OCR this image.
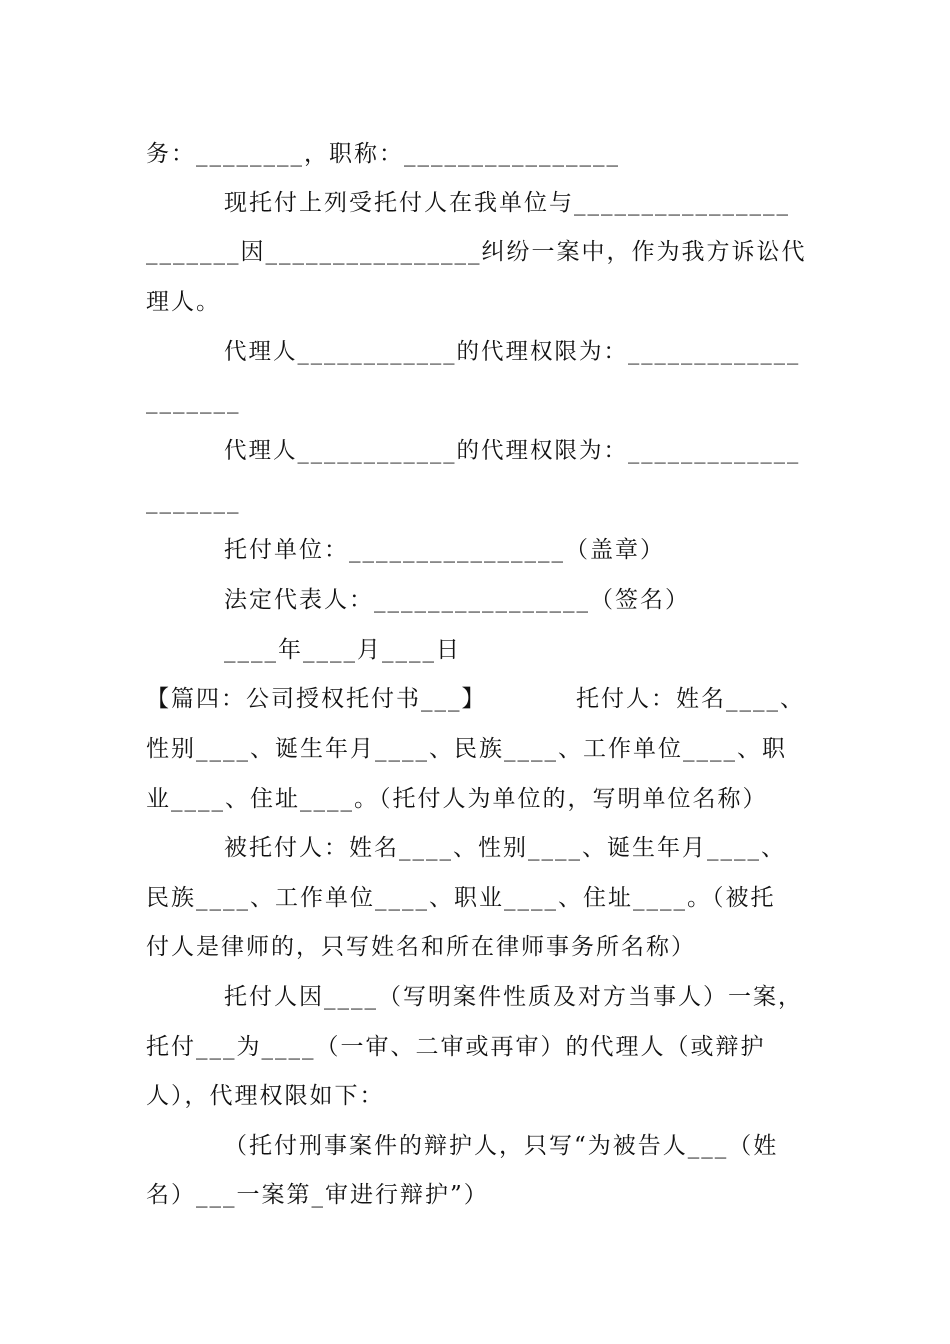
务：________，职称：________________
现托付上列受托付人在我单位与________________
_______因________________纠纷一案中，作为我方诉讼代
理人。
代理人____________的代理权限为：_____________
_______
代理人____________的代理权限为：_____________
_______
托付单位：________________（盖章）
法定代表人：________________（签名）
____年____月____日
【篇四：公司授权托付书___】	托付人：姓名____、
性别____、诞生年月____、民族____、工作单位____、职
业____、住址____。（托付人为单位的，写明单位名称）
被托付人：姓名____、性别____、诞生年月____、
民族____、工作单位____、职业____、住址____。（被托
付人是律师的，只写姓名和所在律师事务所名称）
托付人因____（写明案件性质及对方当事人）一案，
托付___为____（一审、二审或再审）的代理人（或辩护
人），代理权限如下：
（托付刑事案件的辩护人，只写“为被告人___（姓
名）___一案第_审进行辩护”）
